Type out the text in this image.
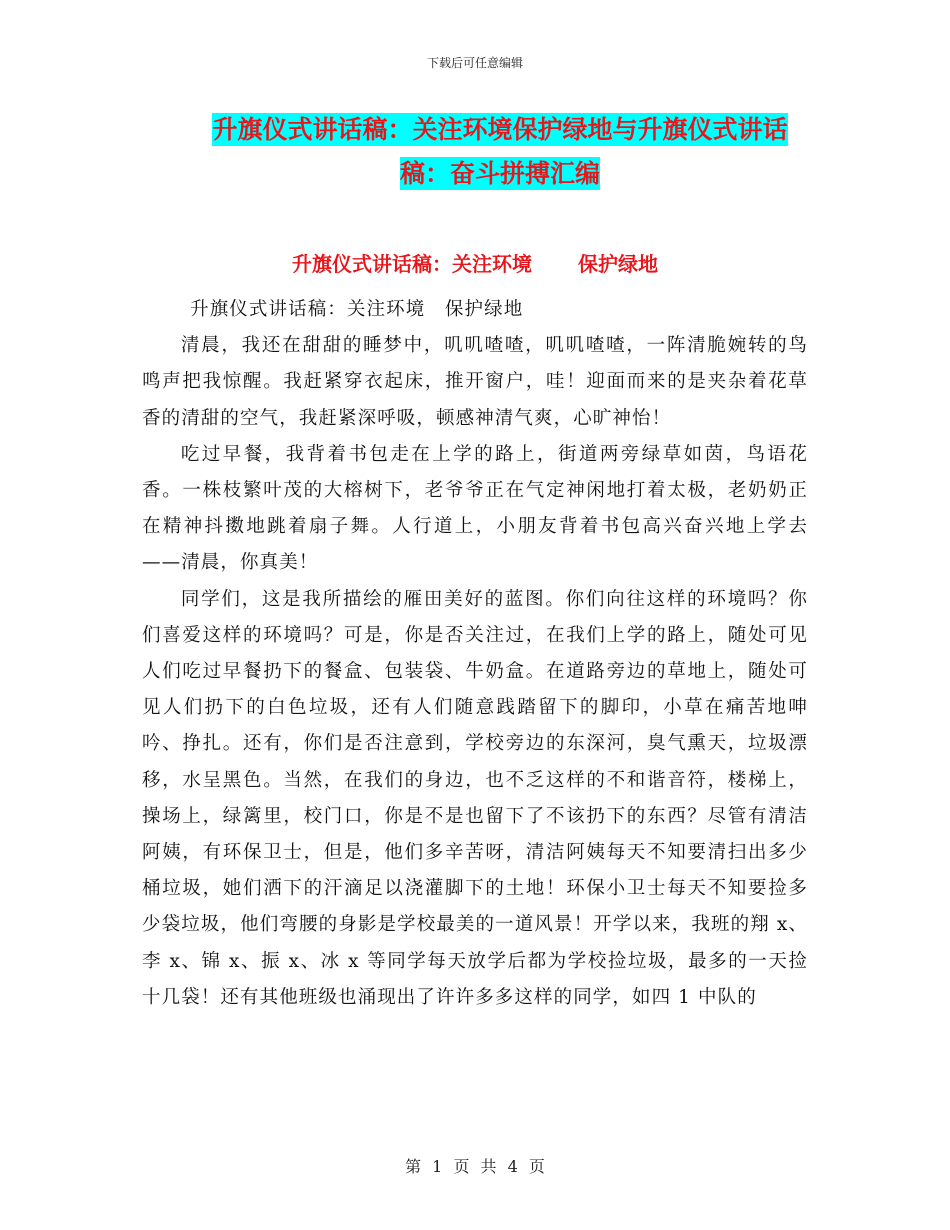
下载后可任意编辑
升旗仪式讲话稿：关注环境保护绿地与升旗仪式讲话
稿：奋斗拼搏汇编
升旗仪式讲话稿：关注环境 保护绿地

升旗仪式讲话稿：关注环境　保护绿地

清晨，我还在甜甜的睡梦中，叽叽喳喳，叽叽喳喳，一阵清脆婉转的鸟鸣声把我惊醒。我赶紧穿衣起床，推开窗户，哇！迎面而来的是夹杂着花草香的清甜的空气，我赶紧深呼吸，顿感神清气爽，心旷神怡！

吃过早餐，我背着书包走在上学的路上，街道两旁绿草如茵，鸟语花香。一株枝繁叶茂的大榕树下，老爷爷正在气定神闲地打着太极，老奶奶正在精神抖擞地跳着扇子舞。人行道上，小朋友背着书包高兴奋兴地上学去——清晨，你真美！

同学们，这是我所描绘的雁田美好的蓝图。你们向往这样的环境吗？你们喜爱这样的环境吗？可是，你是否关注过，在我们上学的路上，随处可见人们吃过早餐扔下的餐盒、包装袋、牛奶盒。在道路旁边的草地上，随处可见人们扔下的白色垃圾，还有人们随意践踏留下的脚印，小草在痛苦地呻吟、挣扎。还有，你们是否注意到，学校旁边的东深河，臭气熏天，垃圾漂移，水呈黑色。当然，在我们的身边，也不乏这样的不和谐音符，楼梯上，操场上，绿篱里，校门口，你是不是也留下了不该扔下的东西？尽管有清洁阿姨，有环保卫士，但是，他们多辛苦呀，清洁阿姨每天不知要清扫出多少桶垃圾，她们洒下的汗滴足以浇灌脚下的土地！环保小卫士每天不知要捡多少袋垃圾，他们弯腰的身影是学校最美的一道风景！开学以来，我班的翔 x、李 x、锦 x、振 x、冰 x 等同学每天放学后都为学校捡垃圾，最多的一天捡十几袋！还有其他班级也涌现出了许许多多这样的同学，如四 1 中队的

第 1 页 共 4 页
